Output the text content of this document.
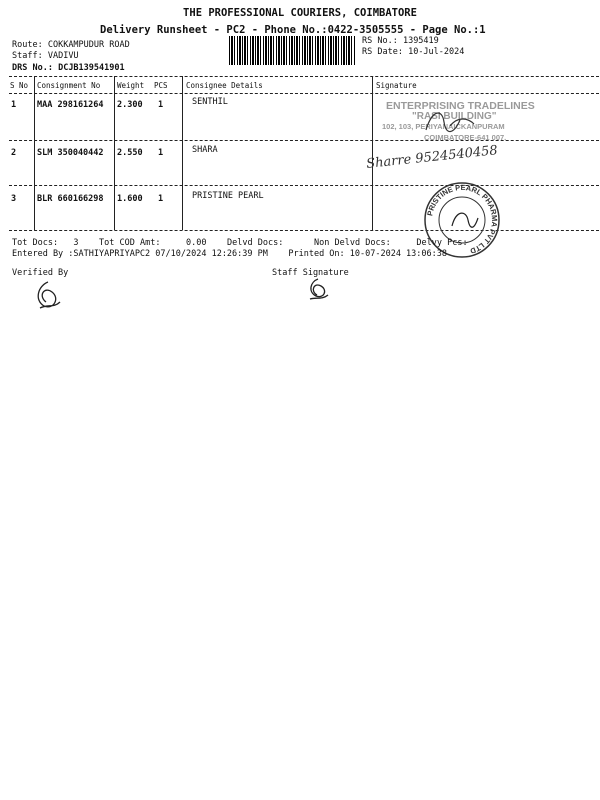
THE PROFESSIONAL COURIERS, COIMBATORE
Delivery Runsheet - PC2 - Phone No.:0422-3505555 - Page No.:1
Route: COKKAMPUDUR ROAD
Staff: VADIVU
DRS No.: DCJB139541901
RS No.: 1395419
RS Date: 10-Jul-2024
S No Consignment No Weight PCS Consignee Details	Signature
1 MAA 298161264 2.300 1	SENTHIL
2 SLM 350040442 2.550 1	SHARA
3 BLR 660166298 1.600 1	PRISTINE PEARL
ENTERPRISING TRADELINES
"RASI BUILDING"
102, 103, PERIYANAICKANPURAM
COIMBATORE-641 007.
Sharre 9524540458
PRISTINE PEARL PHARMA PVT LTD
Tot Docs: 3 Tot COD Amt:	0.00 Delvd Docs:	Non Delvd Docs:	Delvy Pcs:
Entered By :SATHIYAPRIYAPC2 07/10/2024 12:26:39 PM Printed On: 10-07-2024 13:06:38
Verified By	Staff Signature
